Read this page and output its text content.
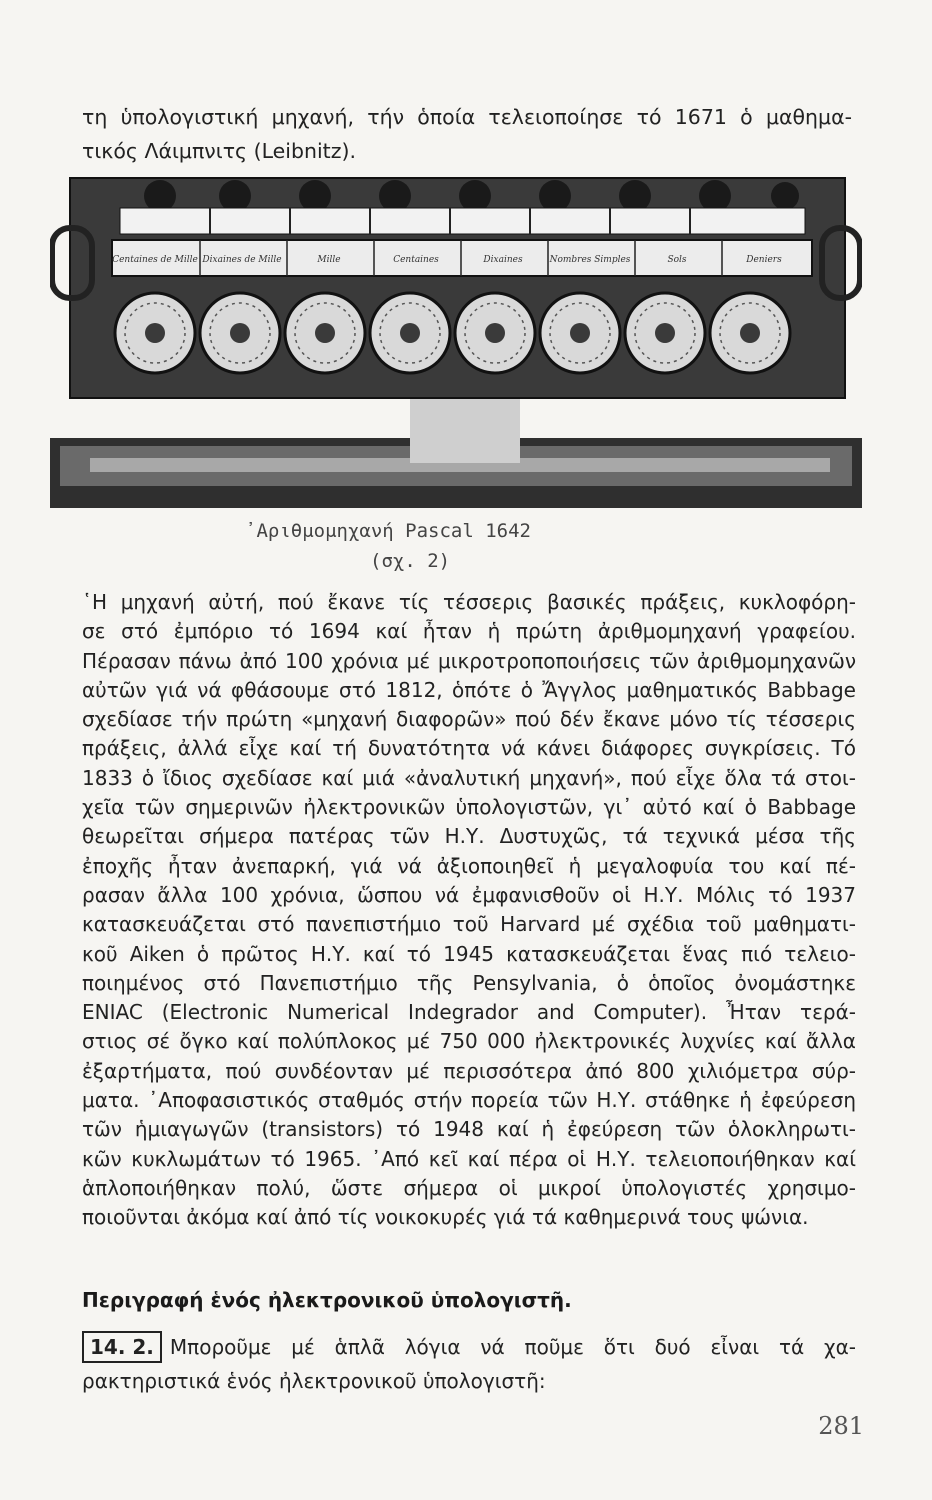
τη ὑπολογιστική μηχανή, τήν ὁποία τελειοποίησε τό 1671 ὁ μαθημα-
τικός Λάιμπνιτς (Leibnitz).
Centaines de Mille Dixaines de Mille	Mille	Centaines	Dixaines	Nombres Simples	Sols	Deniers
᾿Αριθμομηχανή Pascal 1642
(σχ. 2)
῾Η μηχανή αὐτή, πού ἔκανε τίς τέσσερις βασικές πράξεις, κυκλοφόρη-
σε στό ἐμπόριο τό 1694 καί ἦταν ἡ πρώτη ἀριθμομηχανή γραφείου.
Πέρασαν πάνω ἀπό 100 χρόνια μέ μικροτροποποιήσεις τῶν ἀριθμομηχανῶν
αὐτῶν γιά νά φθάσουμε στό 1812, ὁπότε ὁ Ἄγγλος μαθηματικός Babbage
σχεδίασε τήν πρώτη «μηχανή διαφορῶν» πού δέν ἔκανε μόνο τίς τέσσερις
πράξεις, ἀλλά εἶχε καί τή δυνατότητα νά κάνει διάφορες συγκρίσεις. Τό
1833 ὁ ἴδιος σχεδίασε καί μιά «ἀναλυτική μηχανή», πού εἶχε ὅλα τά στοι-
χεῖα τῶν σημερινῶν ἠλεκτρονικῶν ὑπολογιστῶν, γι᾿ αὐτό καί ὁ Babbage
θεωρεῖται σήμερα πατέρας τῶν Η.Υ. Δυστυχῶς, τά τεχνικά μέσα τῆς
ἐποχῆς ἦταν ἀνεπαρκή, γιά νά ἀξιοποιηθεῖ ἡ μεγαλοφυία του καί πέ-
ρασαν ἄλλα 100 χρόνια, ὥσπου νά ἐμφανισθοῦν οἱ Η.Υ. Μόλις τό 1937
κατασκευάζεται στό πανεπιστήμιο τοῦ Harvard μέ σχέδια τοῦ μαθηματι-
κοῦ Aiken ὁ πρῶτος Η.Υ. καί τό 1945 κατασκευάζεται ἕνας πιό τελειο-
ποιημένος στό Πανεπιστήμιο τῆς Pensylvania, ὁ ὁποῖος ὀνομάστηκε
ENIAC (Electronic Numerical Indegrador and Computer). Ἦταν τερά-
στιος σέ ὄγκο καί πολύπλοκος μέ 750 000 ἠλεκτρονικές λυχνίες καί ἄλλα
ἐξαρτήματα, πού συνδέονταν μέ περισσότερα ἀπό 800 χιλιόμετρα σύρ-
ματα. ᾿Αποφασιστικός σταθμός στήν πορεία τῶν Η.Υ. στάθηκε ἡ ἐφεύρεση
τῶν ἡμιαγωγῶν (transistors) τό 1948 καί ἡ ἐφεύρεση τῶν ὁλοκληρωτι-
κῶν κυκλωμάτων τό 1965. ᾿Από κεῖ καί πέρα οἱ Η.Υ. τελειοποιήθηκαν καί
ἁπλοποιήθηκαν πολύ, ὥστε σήμερα οἱ μικροί ὑπολογιστές χρησιμο-
ποιοῦνται ἀκόμα καί ἀπό τίς νοικοκυρές γιά τά καθημερινά τους ψώνια.
Περιγραφή ἑνός ἠλεκτρονικοῦ ὑπολογιστῆ.
14. 2. Μποροῦμε μέ ἁπλᾶ λόγια νά ποῦμε ὅτι δυό εἶναι τά χα-
ρακτηριστικά ἑνός ἠλεκτρονικοῦ ὑπολογιστῆ:
281
